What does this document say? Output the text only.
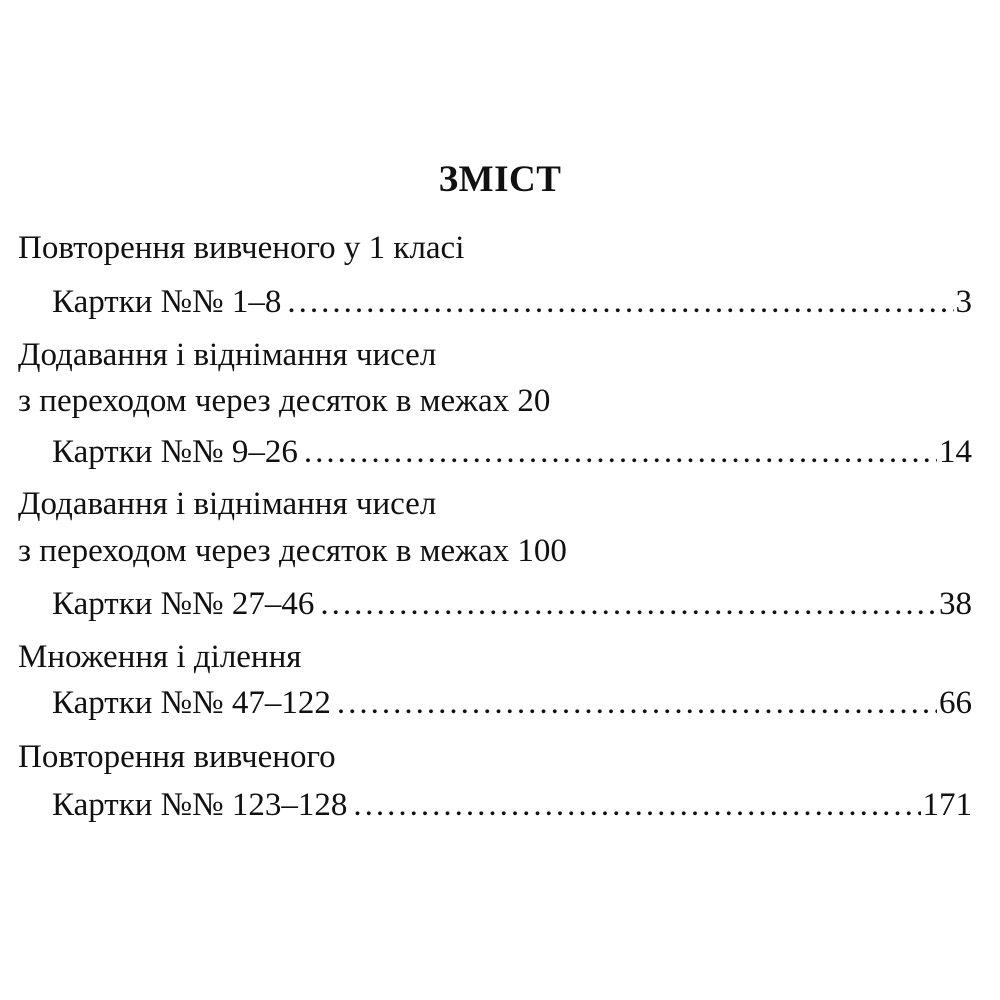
ЗМІСТ
Повторення вивченого у 1 класі
Картки №№ 1–8 .....	3
Додавання і віднімання чисел
з переходом через десяток в межах 20
Картки №№ 9–26 .....	14
Додавання і віднімання чисел
з переходом через десяток в межах 100
Картки №№ 27–46 .....	38
Множення і ділення
Картки №№ 47–122 .....	66
Повторення вивченого
Картки №№ 123–128 .....	171
